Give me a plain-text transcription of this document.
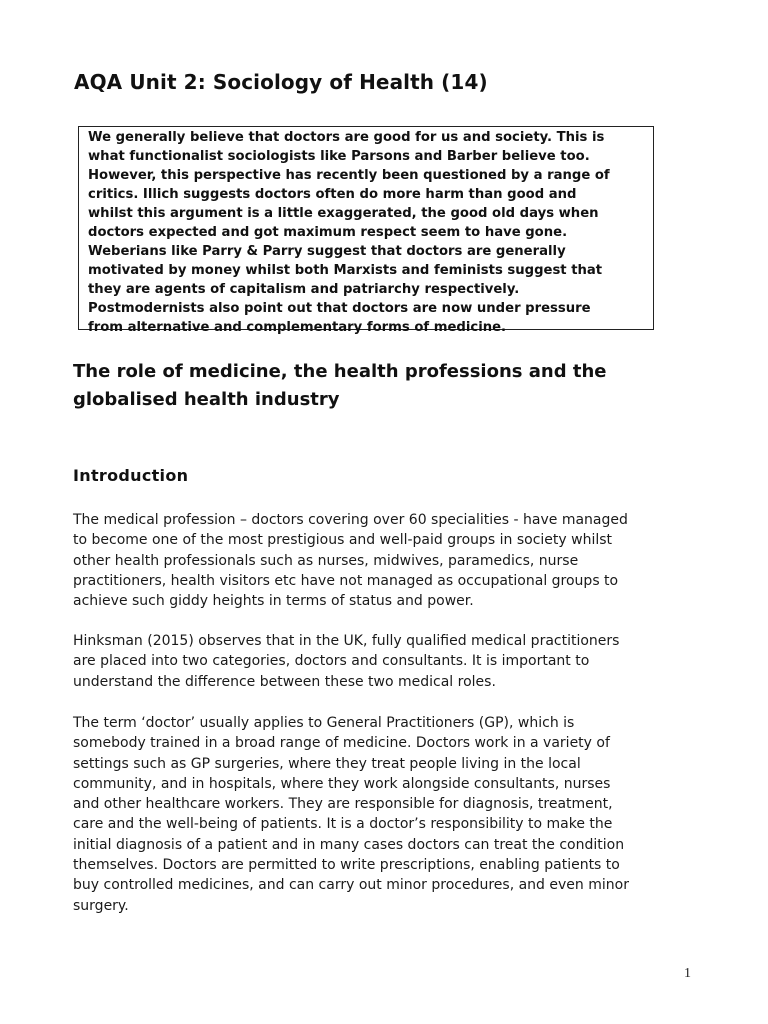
AQA Unit 2: Sociology of Health (14)
We generally believe that doctors are good for us and society. This is
what functionalist sociologists like Parsons and Barber believe too.
However, this perspective has recently been questioned by a range of
critics. Illich suggests doctors often do more harm than good and
whilst this argument is a little exaggerated, the good old days when
doctors expected and got maximum respect seem to have gone.
Weberians like Parry & Parry suggest that doctors are generally
motivated by money whilst both Marxists and feminists suggest that
they are agents of capitalism and patriarchy respectively.
Postmodernists also point out that doctors are now under pressure
from alternative and complementary forms of medicine.
The role of medicine, the health professions and the
globalised health industry
Introduction

The medical profession – doctors covering over 60 specialities - have managed
to become one of the most prestigious and well-paid groups in society whilst
other health professionals such as nurses, midwives, paramedics, nurse
practitioners, health visitors etc have not managed as occupational groups to
achieve such giddy heights in terms of status and power.

Hinksman (2015) observes that in the UK, fully qualified medical practitioners
are placed into two categories, doctors and consultants. It is important to
understand the difference between these two medical roles.

The term ‘doctor’ usually applies to General Practitioners (GP), which is
somebody trained in a broad range of medicine. Doctors work in a variety of
settings such as GP surgeries, where they treat people living in the local
community, and in hospitals, where they work alongside consultants, nurses
and other healthcare workers. They are responsible for diagnosis, treatment,
care and the well-being of patients. It is a doctor’s responsibility to make the
initial diagnosis of a patient and in many cases doctors can treat the condition
themselves. Doctors are permitted to write prescriptions, enabling patients to
buy controlled medicines, and can carry out minor procedures, and even minor
surgery.

1
